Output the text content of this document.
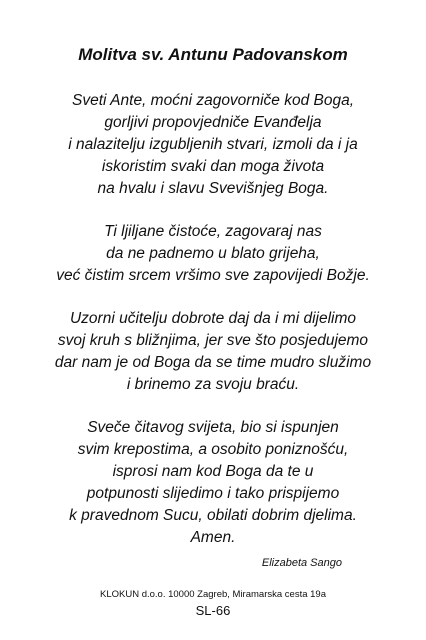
Molitva sv. Antunu Padovanskom
Sveti Ante, moćni zagovorniče kod Boga,
gorljivi propovjedniče Evanđelja
i nalazitelju izgubljenih stvari, izmoli da i ja
iskoristim svaki dan moga života
na hvalu i slavu Svevišnjeg Boga.
Ti ljiljane čistoće, zagovaraj nas
da ne padnemo u blato grijeha,
već čistim srcem vršimo sve zapovijedi Božje.
Uzorni učitelju dobrote daj da i mi dijelimo
svoj kruh s bližnjima, jer sve što posjedujemo
dar nam je od Boga da se time mudro služimo
i brinemo za svoju braću.
Sveče čitavog svijeta, bio si ispunjen
svim krepostima, a osobito poniznošću,
isprosi nam kod Boga da te u
potpunosti slijedimo i tako prispijemo
k pravednom Sucu, obilati dobrim djelima.
Amen.
Elizabeta Sango
KLOKUN d.o.o. 10000 Zagreb, Miramarska cesta 19a
SL-66
